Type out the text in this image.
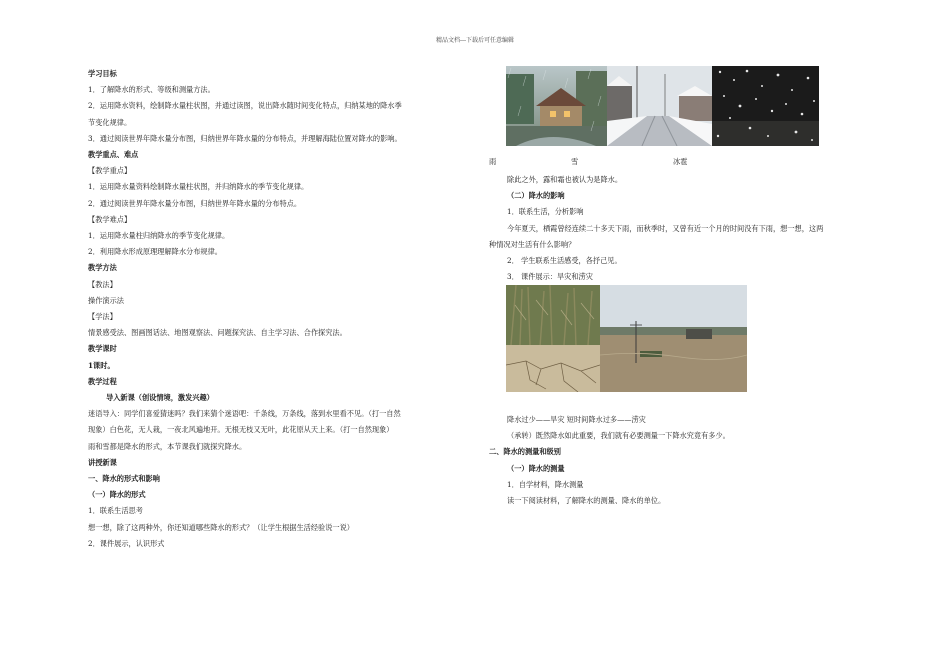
精品文档---下载后可任意编辑

学习目标

1．了解降水的形式、等级和测量方法。

2．运用降水资料，绘制降水量柱状图，并通过读图，说出降水随时间变化特点，归纳某地的降水季

节变化规律。

3．通过阅读世界年降水量分布图，归纳世界年降水量的分布特点，并理解海陆位置对降水的影响。

教学重点、难点

【教学重点】

1．运用降水量资料绘制降水量柱状图，并归纳降水的季节变化规律。

2．通过阅读世界年降水量分布图，归纳世界年降水量的分布特点。

【教学难点】

1．运用降水量柱归纳降水的季节变化规律。

2．利用降水形成原理理解降水分布规律。

教学方法

【教法】

操作演示法

【学法】

情景感受法、图画图话法、地图观察法、问题探究法、自主学习法、合作探究法。

教学课时

1课时。

教学过程

导入新课（创设情境，激发兴趣）

迷语导入：同学们喜爱猜迷吗？我们来猜个迷语吧：千条线，万条线，落到水里看不见。（打一自然

现象）白色花，无人栽，一夜北风遍地开。无根无枝又无叶，此花原从天上来。（打一自然现象）

雨和雪都是降水的形式，本节课我们就探究降水。

讲授新课

一、降水的形式和影响

（一）降水的形式

1．联系生活思考

想一想，除了这两种外，你还知道哪些降水的形式？（让学生根据生活经验说一说）

2．课件展示，认识形式

雨	雪	冰雹

除此之外，露和霜也被认为是降水。

（二）降水的影响

1．联系生活，分析影响

今年夏天，栖霞曾经连续二十多天下雨，而秋季时，又曾有近一个月的时间没有下雨，想一想，这两

种情况对生活有什么影响？

2． 学生联系生活感受，各抒己见。

3． 课件展示：旱灾和涝灾

降水过少——旱灾 短时间降水过多——涝灾

（承转）既然降水如此重要，我们就有必要测量一下降水究竟有多少。

二、降水的测量和级别

（一）降水的测量

1．自学材料，降水测量

读一下阅读材料，了解降水的测量、降水的单位。
